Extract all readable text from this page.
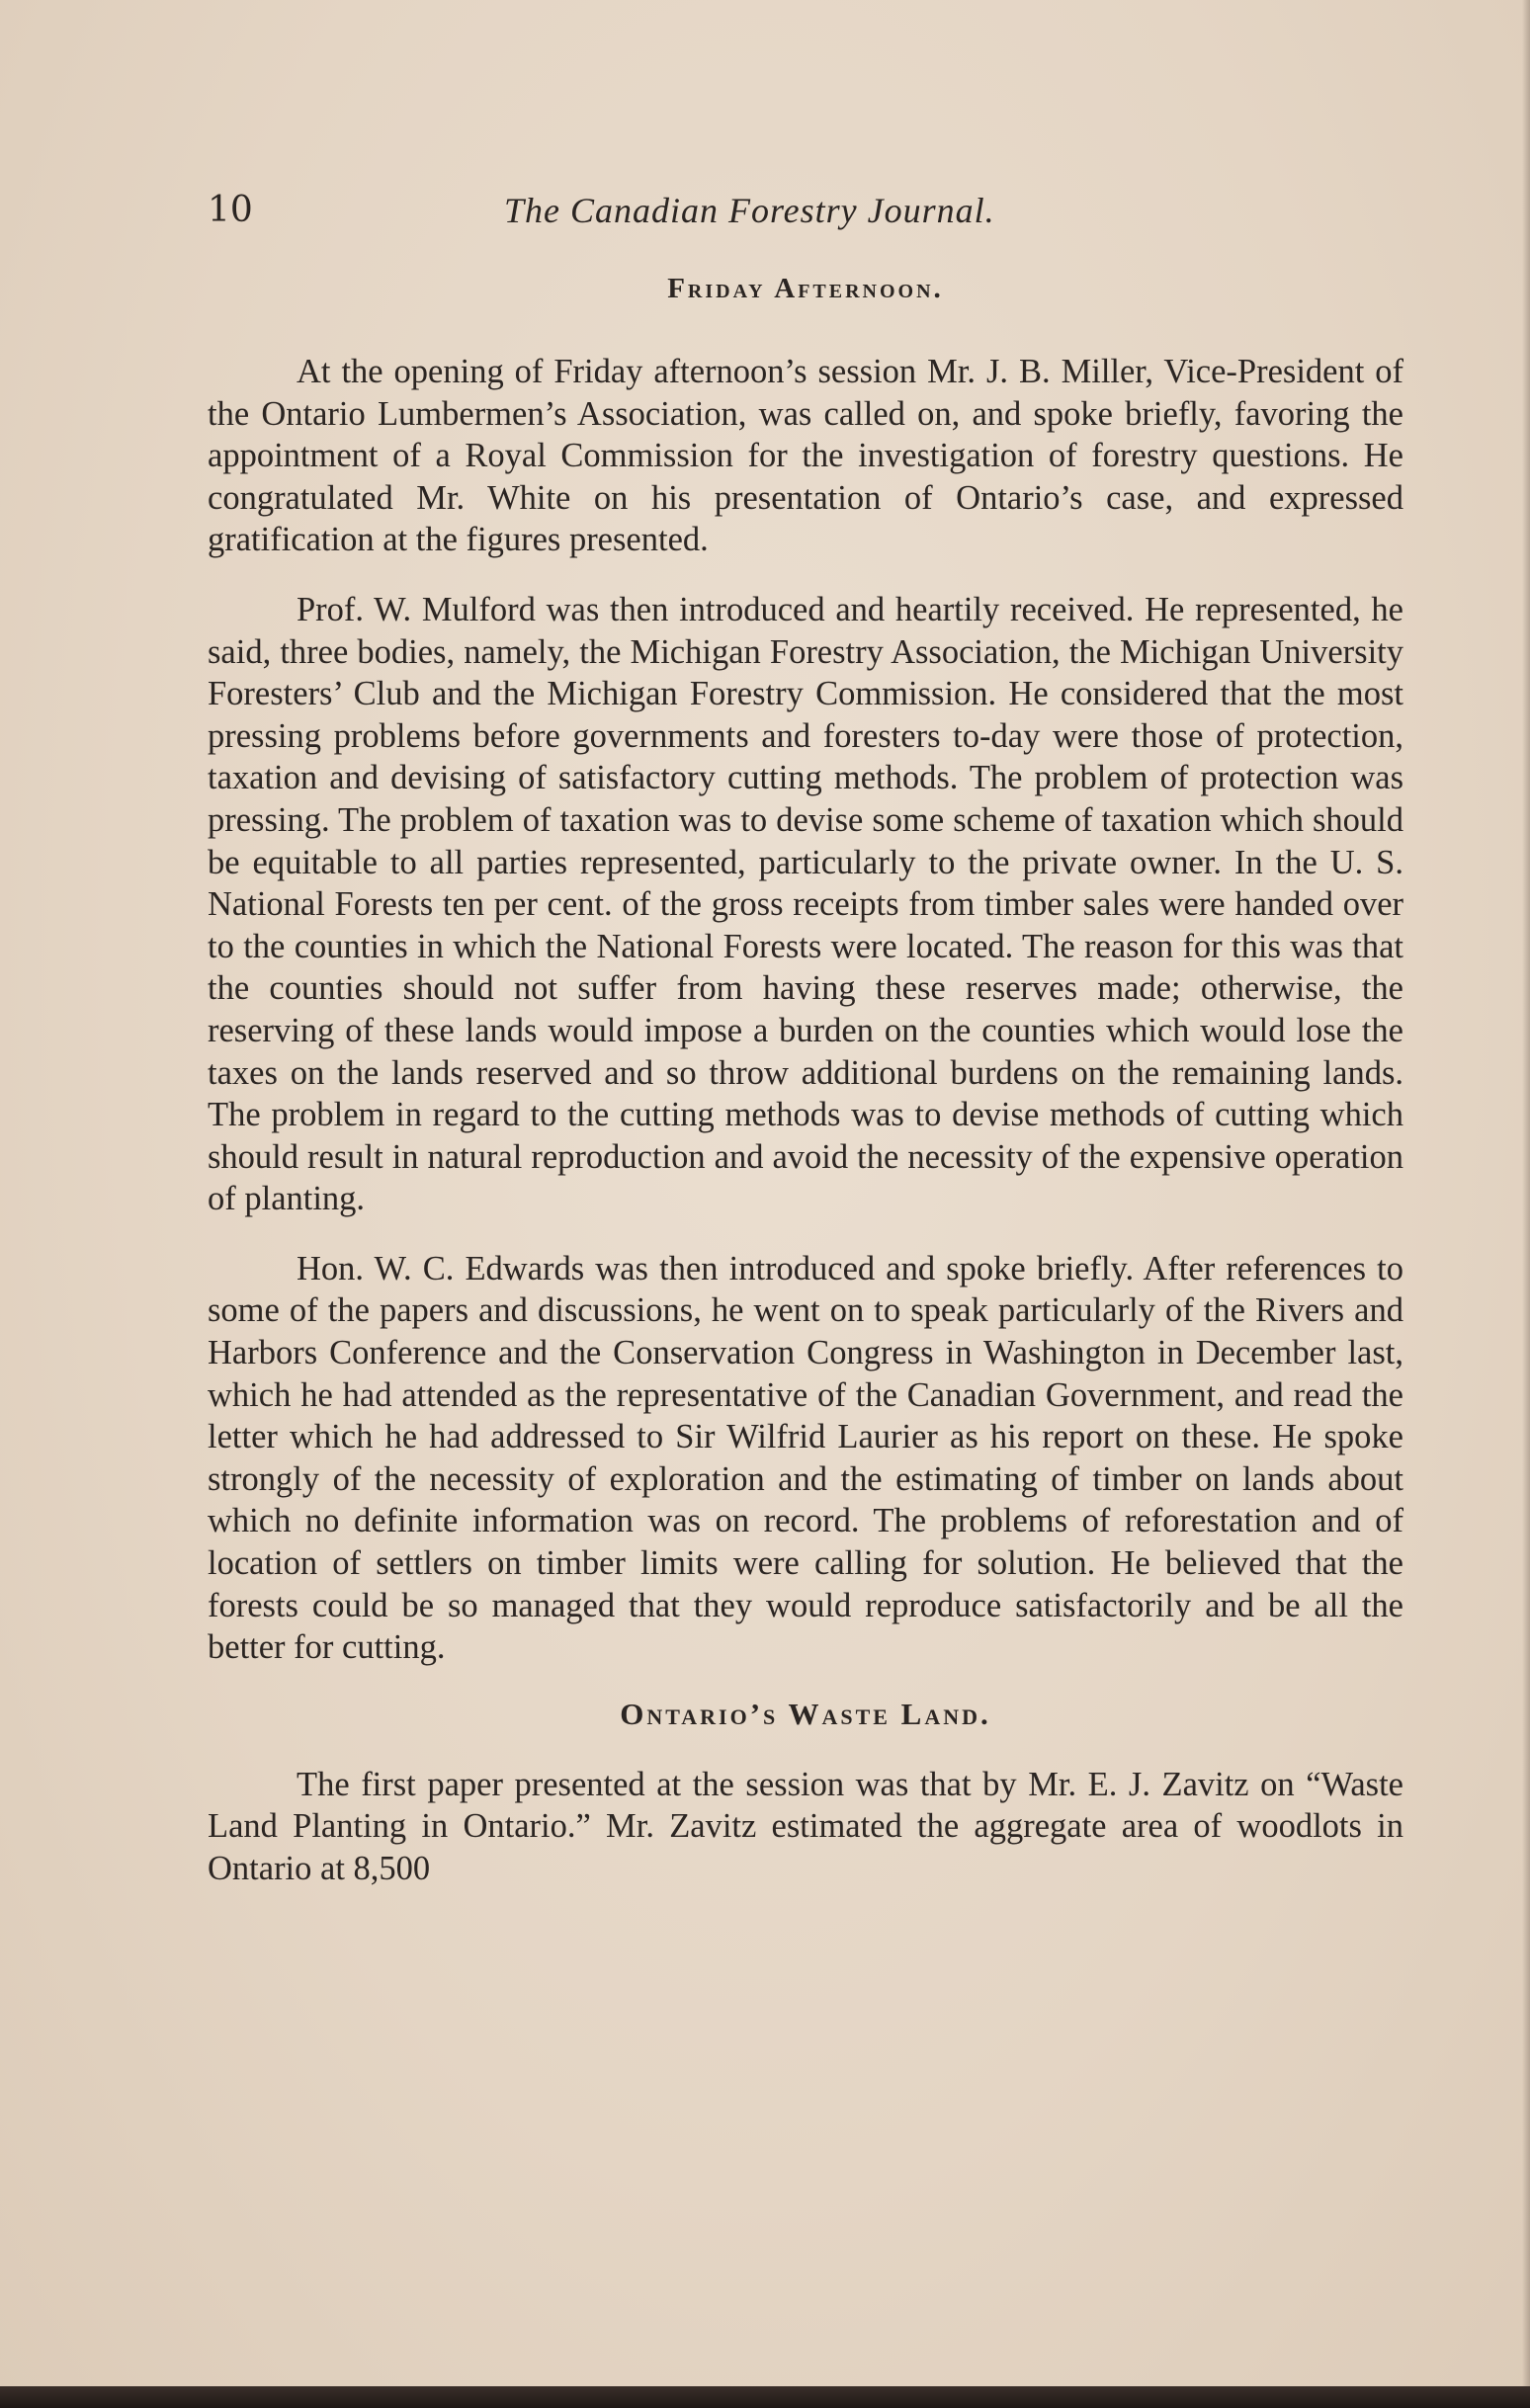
10	The Canadian Forestry Journal.
Friday Afternoon.

At the opening of Friday afternoon’s session Mr. J. B. Miller, Vice-President of the Ontario Lumbermen’s Association, was called on, and spoke briefly, favoring the appointment of a Royal Commission for the investigation of forestry questions. He congratulated Mr. White on his presentation of Ontario’s case, and expressed gratification at the figures presented.

Prof. W. Mulford was then introduced and heartily received. He represented, he said, three bodies, namely, the Michigan Forestry Association, the Michigan University Foresters’ Club and the Michigan Forestry Commission. He considered that the most pressing problems before governments and foresters to-day were those of protection, taxation and devising of satisfactory cutting methods. The problem of protection was pressing. The problem of taxation was to devise some scheme of taxation which should be equitable to all parties represented, particularly to the private owner. In the U. S. National Forests ten per cent. of the gross receipts from timber sales were handed over to the counties in which the National Forests were located. The reason for this was that the counties should not suffer from having these reserves made; otherwise, the reserving of these lands would impose a burden on the counties which would lose the taxes on the lands reserved and so throw additional burdens on the remaining lands. The problem in regard to the cutting methods was to devise methods of cutting which should result in natural reproduction and avoid the necessity of the expensive operation of planting.

Hon. W. C. Edwards was then introduced and spoke briefly. After references to some of the papers and discussions, he went on to speak particularly of the Rivers and Harbors Conference and the Conservation Congress in Washington in December last, which he had attended as the representative of the Canadian Government, and read the letter which he had addressed to Sir Wilfrid Laurier as his report on these. He spoke strongly of the necessity of exploration and the estimating of timber on lands about which no definite information was on record. The problems of reforestation and of location of settlers on timber limits were calling for solution. He believed that the forests could be so managed that they would reproduce satisfactorily and be all the better for cutting.

Ontario’s Waste Land.

The first paper presented at the session was that by Mr. E. J. Zavitz on “Waste Land Planting in Ontario.” Mr. Zavitz estimated the aggregate area of woodlots in Ontario at 8,500
